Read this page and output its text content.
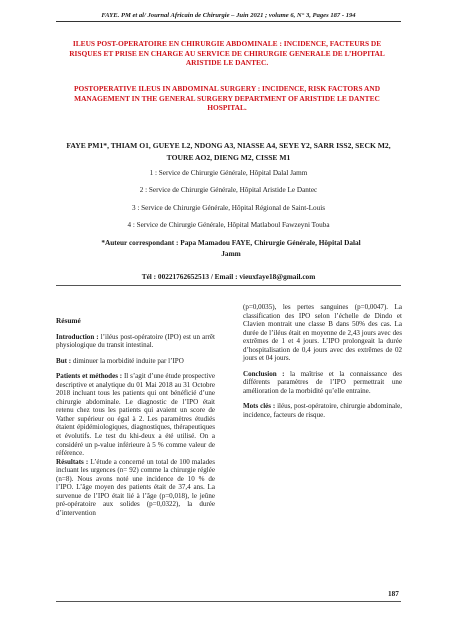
FAYE. PM et al/ Journal Africain de Chirurgie – Juin 2021 ; volume 6, N° 3, Pages 187 - 194
ILEUS POST-OPERATOIRE EN CHIRURGIE ABDOMINALE : INCIDENCE, FACTEURS DE RISQUES ET PRISE EN CHARGE AU SERVICE DE CHIRURGIE GENERALE DE L’HOPITAL ARISTIDE LE DANTEC.
POSTOPERATIVE ILEUS IN ABDOMINAL SURGERY : INCIDENCE, RISK FACTORS AND MANAGEMENT IN THE GENERAL SURGERY DEPARTMENT OF ARISTIDE LE DANTEC HOSPITAL.
FAYE PM1*, THIAM O1, GUEYE L2, NDONG A3, NIASSE A4, SEYE Y2, SARR ISS2, SECK M2, TOURE AO2, DIENG M2, CISSE M1
1 : Service de Chirurgie Générale, Hôpital Dalal Jamm
2 : Service de Chirurgie Générale, Hôpital Aristide Le Dantec
3 : Service de Chirurgie Générale, Hôpital Régional de Saint-Louis
4 : Service de Chirurgie Générale, Hôpital Matlaboul Fawzeyni Touba
*Auteur correspondant : Papa Mamadou FAYE, Chirurgie Générale, Hôpital Dalal Jamm
Tél : 00221762652513 / Email : vieuxfaye18@gmail.com
Résumé

Introduction : l’iléus post-opératoire (IPO) est un arrêt physiologique du transit intestinal.

But : diminuer la morbidité induite par l’IPO

Patients et méthodes : Il s’agit d’une étude prospective descriptive et analytique du 01 Mai 2018 au 31 Octobre 2018 incluant tous les patients qui ont bénéficié d’une chirurgie abdominale. Le diagnostic de l’IPO était retenu chez tous les patients qui avaient un score de Vather supérieur ou égal à 2. Les paramètres étudiés étaient épidémiologiques, diagnostiques, thérapeutiques et évolutifs. Le test du khi-deux a été utilisé. On a considéré un p-value inférieure à 5 % comme valeur de référence.

Résultats : L’étude a concerné un total de 100 malades incluant les urgences (n= 92) comme la chirurgie réglée (n=8). Nous avons noté une incidence de 10 % de l’IPO. L’âge moyen des patients était de 37,4 ans. La survenue de l’IPO était lié à l’âge (p=0,018), le jeûne pré-opératoire aux solides (p=0,0322), la durée d’intervention

(p=0,0035), les pertes sanguines (p=0,0047). La classification des IPO selon l’échelle de Dindo et Clavien montrait une classe B dans 50% des cas. La durée de l’iléus était en moyenne de 2,43 jours avec des extrêmes de 1 et 4 jours. L’IPO prolongeait la durée d’hospitalisation de 0,4 jours avec des extrêmes de 02 jours et 04 jours.

Conclusion : la maîtrise et la connaissance des différents paramètres de l’IPO permettrait une amélioration de la morbidité qu’elle entraine.

Mots clés : iléus, post-opératoire, chirurgie abdominale, incidence, facteurs de risque.

187
